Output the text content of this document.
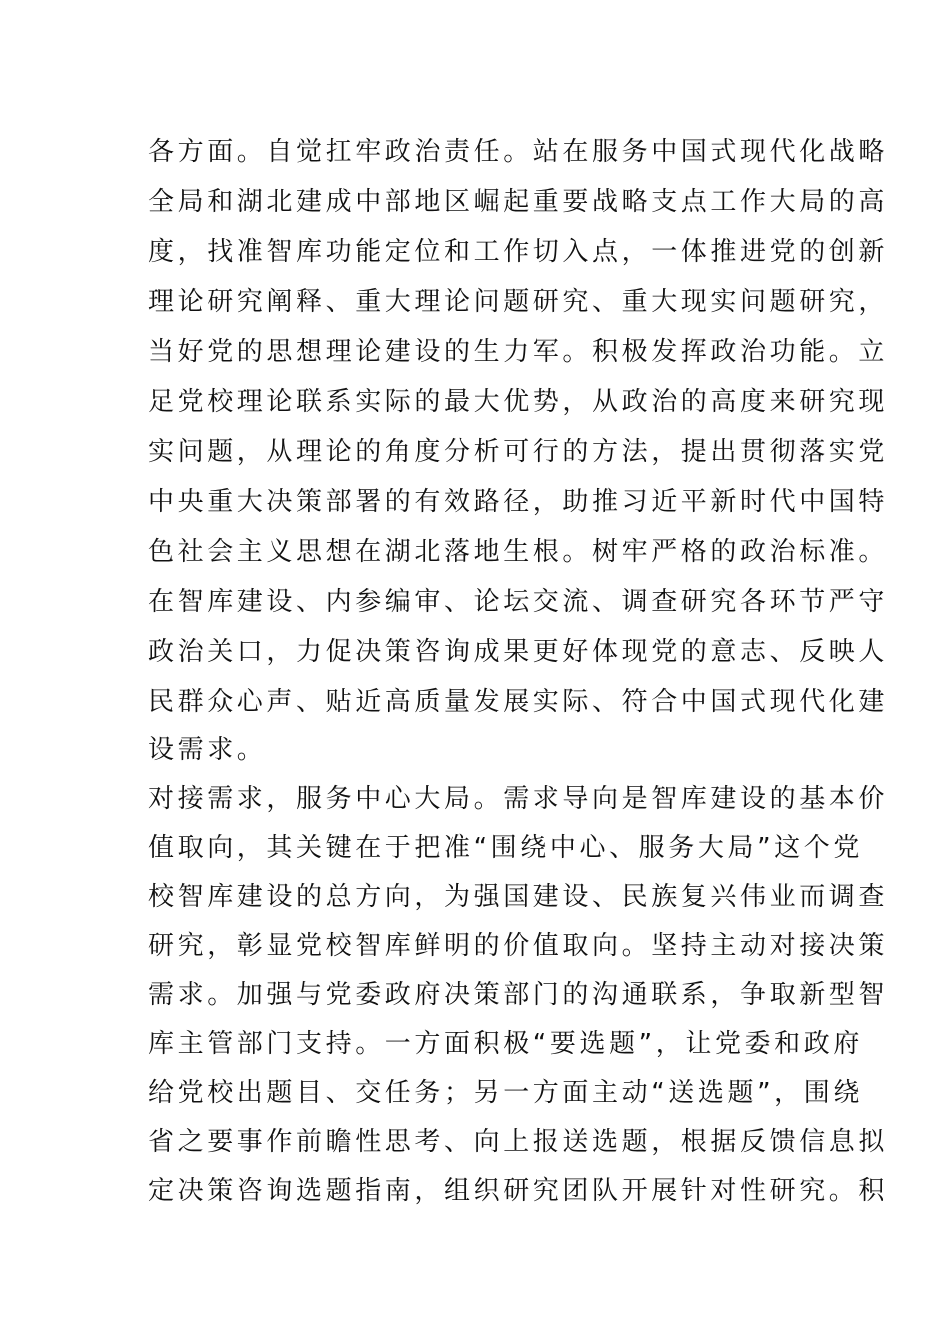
各方面。自觉扛牢政治责任。站在服务中国式现代化战略
全局和湖北建成中部地区崛起重要战略支点工作大局的高
度，找准智库功能定位和工作切入点，一体推进党的创新
理论研究阐释、重大理论问题研究、重大现实问题研究，
当好党的思想理论建设的生力军。积极发挥政治功能。立
足党校理论联系实际的最大优势，从政治的高度来研究现
实问题，从理论的角度分析可行的方法，提出贯彻落实党
中央重大决策部署的有效路径，助推习近平新时代中国特
色社会主义思想在湖北落地生根。树牢严格的政治标准。
在智库建设、内参编审、论坛交流、调查研究各环节严守
政治关口，力促决策咨询成果更好体现党的意志、反映人
民群众心声、贴近高质量发展实际、符合中国式现代化建
设需求。
对接需求，服务中心大局。需求导向是智库建设的基本价
值取向，其关键在于把准“围绕中心、服务大局”这个党
校智库建设的总方向，为强国建设、民族复兴伟业而调查
研究，彰显党校智库鲜明的价值取向。坚持主动对接决策
需求。加强与党委政府决策部门的沟通联系，争取新型智
库主管部门支持。一方面积极“要选题”，让党委和政府
给党校出题目、交任务；另一方面主动“送选题”，围绕
省之要事作前瞻性思考、向上报送选题，根据反馈信息拟
定决策咨询选题指南，组织研究团队开展针对性研究。积
